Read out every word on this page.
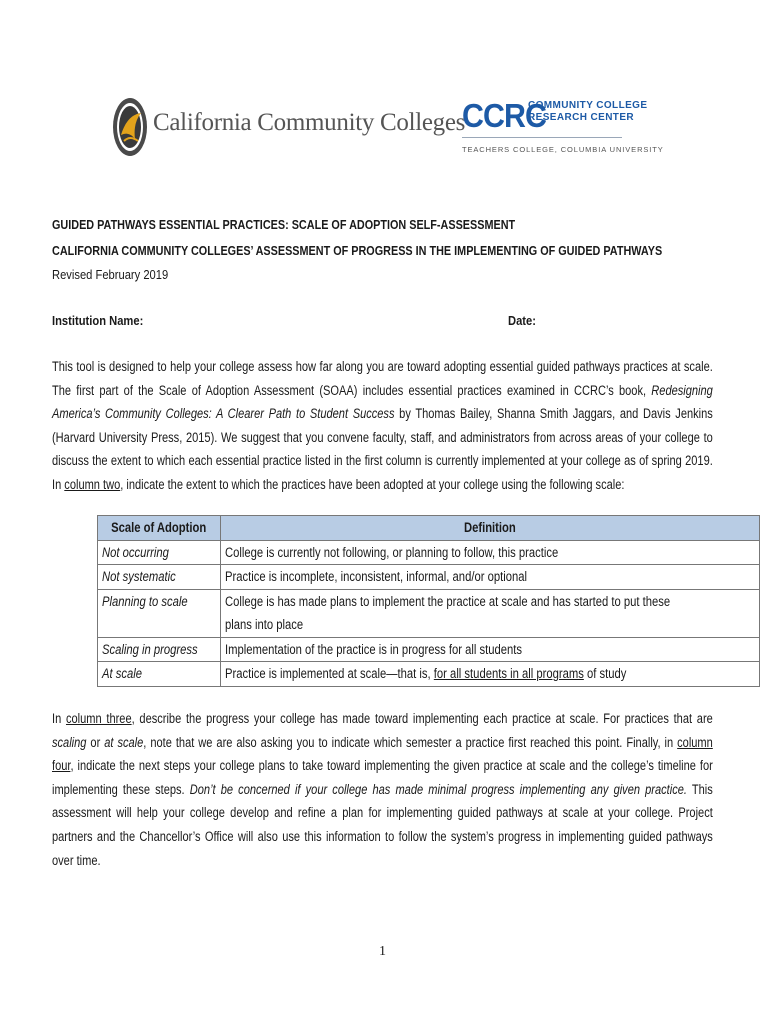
California Community Colleges
CCRC
COMMUNITY COLLEGE
RESEARCH CENTER
TEACHERS COLLEGE, COLUMBIA UNIVERSITY
GUIDED PATHWAYS ESSENTIAL PRACTICES: SCALE OF ADOPTION SELF-ASSESSMENT
CALIFORNIA COMMUNITY COLLEGES’ ASSESSMENT OF PROGRESS IN THE IMPLEMENTING OF GUIDED PATHWAYS
Revised February 2019
Institution Name:	Date:
This tool is designed to help your college assess how far along you are toward adopting essential guided pathways practices at scale. The first part of the Scale of Adoption Assessment (SOAA) includes essential practices examined in CCRC’s book, Redesigning America’s Community Colleges: A Clearer Path to Student Success by Thomas Bailey, Shanna Smith Jaggars, and Davis Jenkins (Harvard University Press, 2015). We suggest that you convene faculty, staff, and administrators from across areas of your college to discuss the extent to which each essential practice listed in the first column is currently implemented at your college as of spring 2019. In column two, indicate the extent to which the practices have been adopted at your college using the following scale:
Scale of Adoption	Definition
Not occurring	College is currently not following, or planning to follow, this practice
Not systematic	Practice is incomplete, inconsistent, informal, and/or optional
Planning to scale	College is has made plans to implement the practice at scale and has started to put these plans into place
Scaling in progress	Implementation of the practice is in progress for all students
At scale	Practice is implemented at scale—that is, for all students in all programs of study
In column three, describe the progress your college has made toward implementing each practice at scale. For practices that are scaling or at scale, note that we are also asking you to indicate which semester a practice first reached this point. Finally, in column four, indicate the next steps your college plans to take toward implementing the given practice at scale and the college’s timeline for implementing these steps. Don’t be concerned if your college has made minimal progress implementing any given practice. This assessment will help your college develop and refine a plan for implementing guided pathways at scale at your college. Project partners and the Chancellor’s Office will also use this information to follow the system’s progress in implementing guided pathways over time.
1
